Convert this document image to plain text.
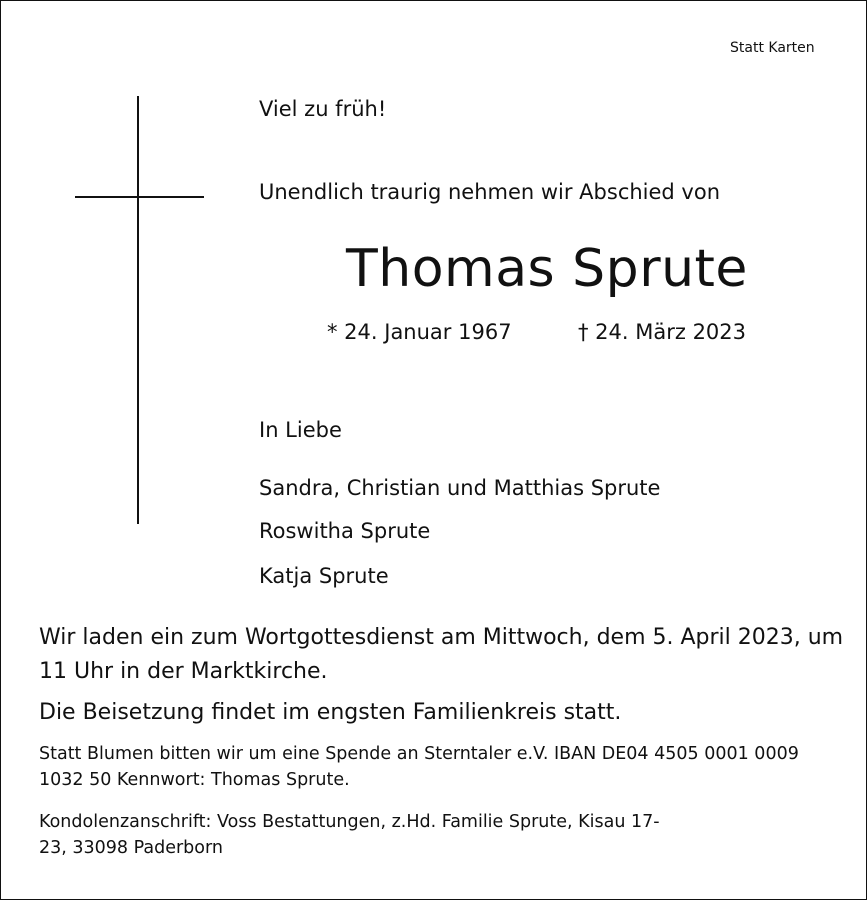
Statt Karten
Viel zu früh!
Unendlich traurig nehmen wir Abschied von
Thomas Sprute
* 24. Januar 1967	† 24. März 2023
In Liebe
Sandra, Christian und Matthias Sprute
Roswitha Sprute
Katja Sprute
Wir laden ein zum Wortgottesdienst am Mittwoch, dem 5. April 2023, um 11 Uhr in der Marktkirche.
Die Beisetzung findet im engsten Familienkreis statt.
Statt Blumen bitten wir um eine Spende an Sterntaler e.V. IBAN DE04 4505 0001 0009 1032 50 Kennwort: Thomas Sprute.
Kondolenzanschrift: Voss Bestattungen, z.Hd. Familie Sprute, Kisau 17-23, 33098 Paderborn
